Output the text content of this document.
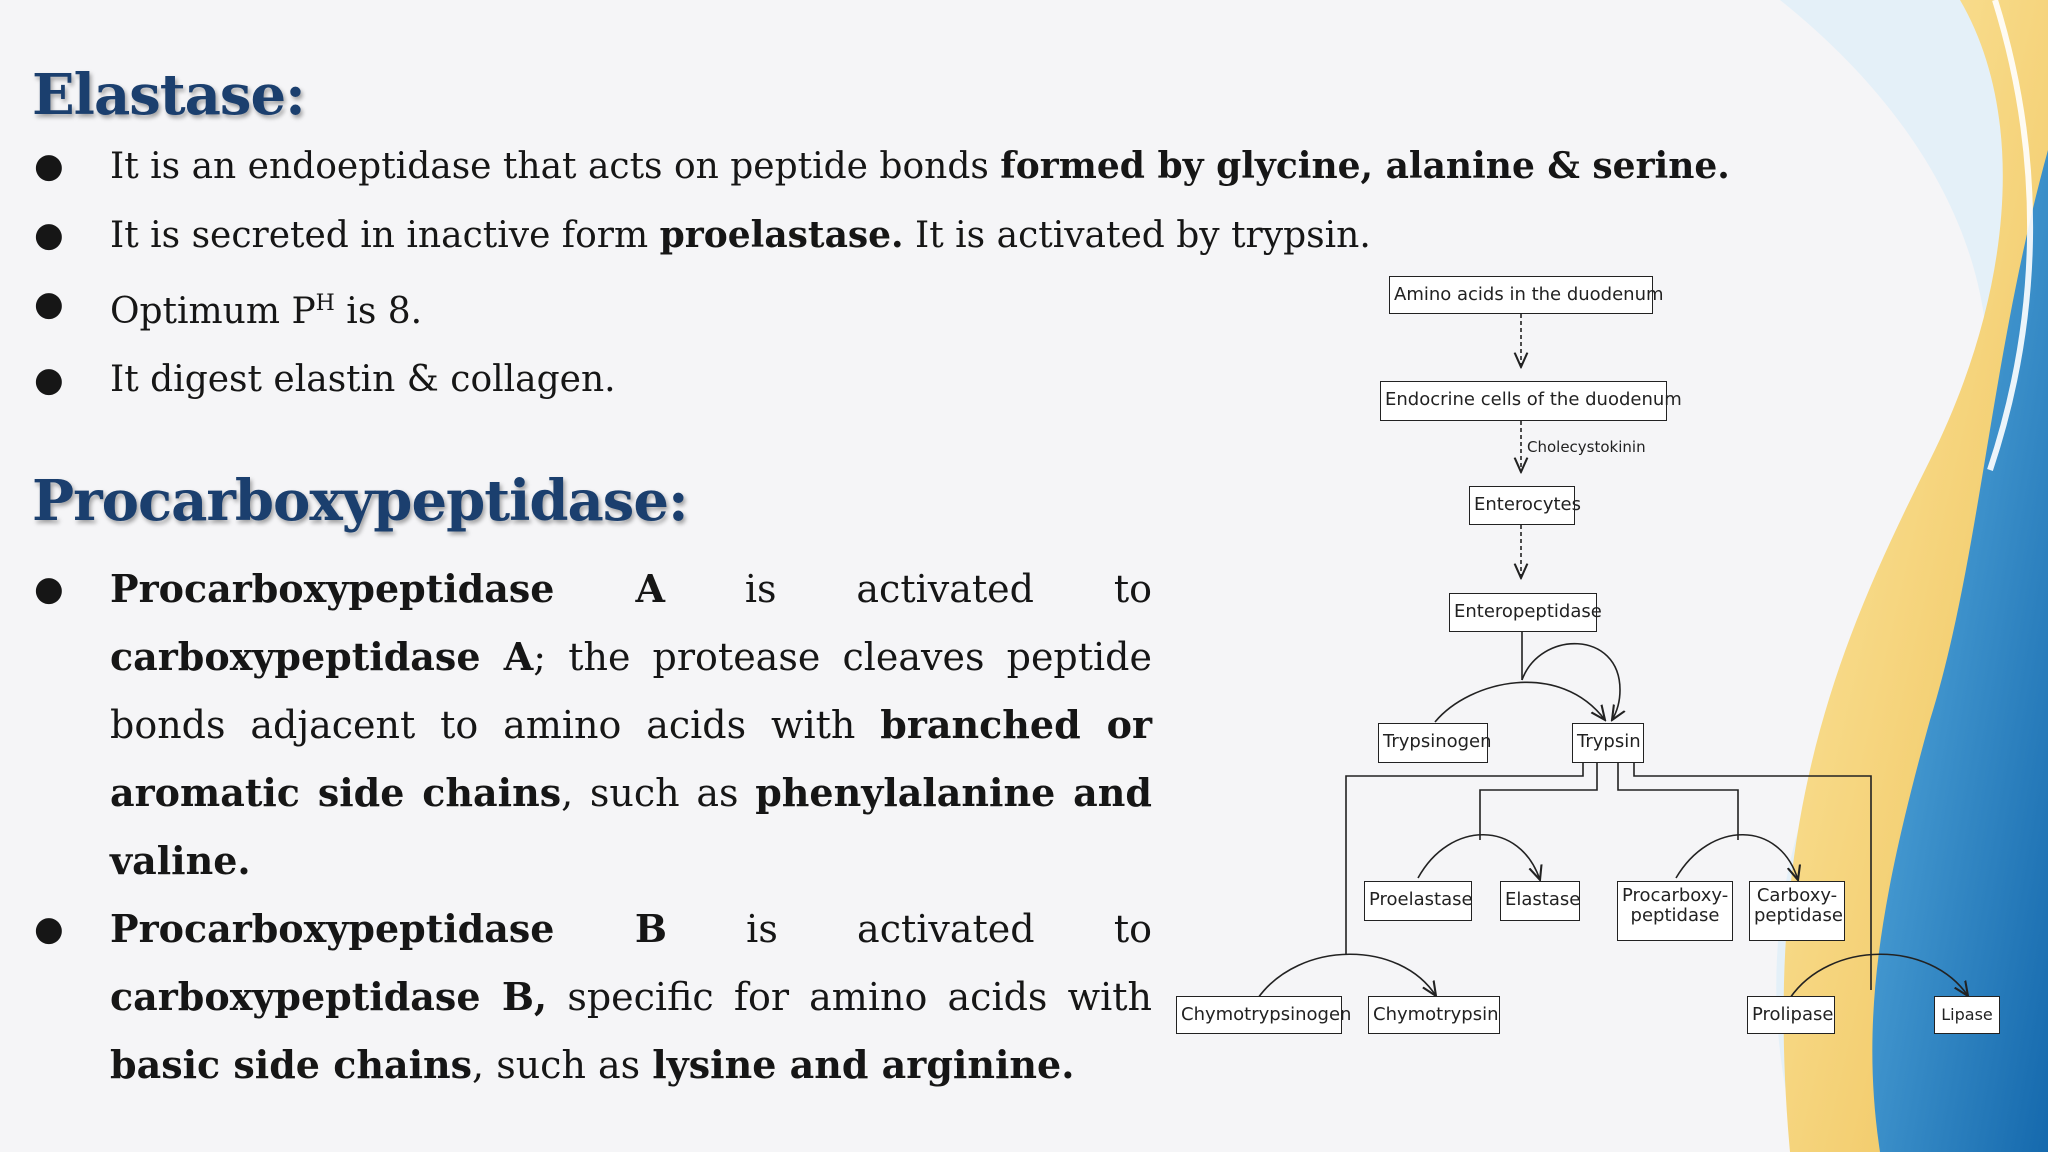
Elastase:
● It is an endoeptidase that acts on peptide bonds formed by glycine, alanine & serine.
● It is secreted in inactive form proelastase. It is activated by trypsin.
● Optimum $P^H$ is 8.
● It digest elastin & collagen.
Procarboxypeptidase:
● Procarboxypeptidase A is activated to carboxypeptidase A; the protease cleaves peptide bonds adjacent to amino acids with branched or aromatic side chains, such as phenylalanine and valine.
● Procarboxypeptidase B is activated to carboxypeptidase B, specific for amino acids with basic side chains, such as lysine and arginine.
Cholecystokinin
Amino acids in the duodenum
Endocrine cells of the duodenum
Enterocytes
Enteropeptidase
Trypsinogen	Trypsin
Proelastase Elastase Procarboxy-peptidase
Carboxy-peptidase
Chymotrypsinogen Chymotrypsin	Prolipase	Lipase
